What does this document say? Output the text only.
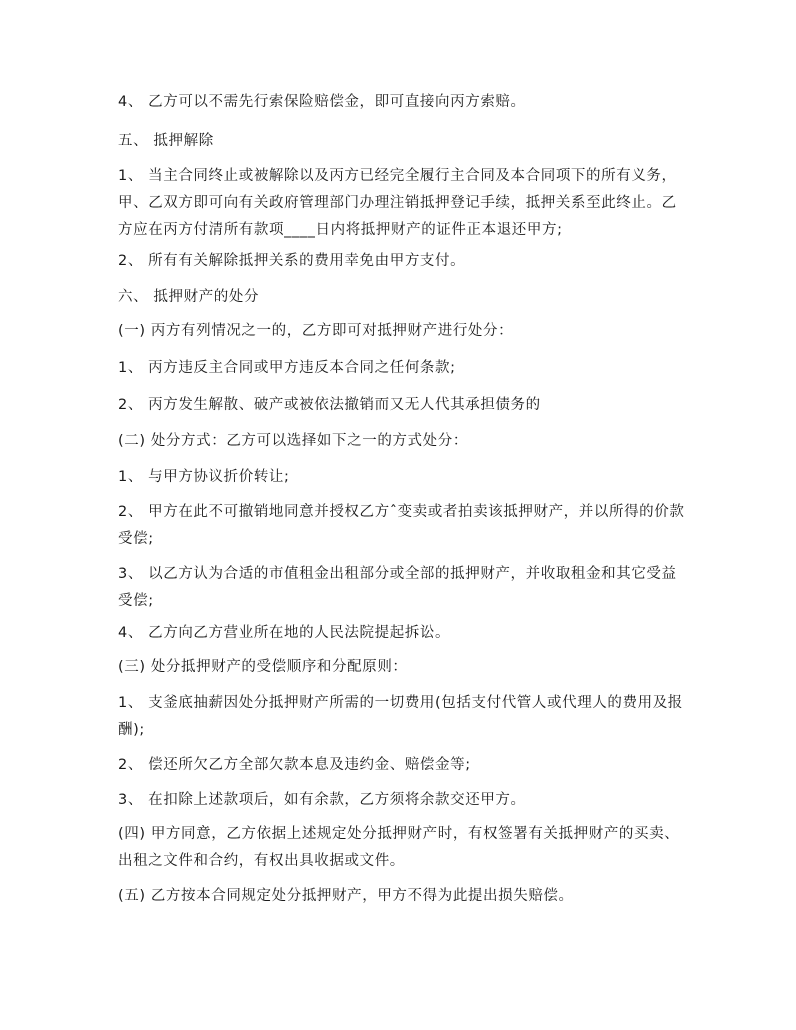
4、 乙方可以不需先行索保险赔偿金，即可直接向丙方索赔。

五、 抵押解除

1、 当主合同终止或被解除以及丙方已经完全履行主合同及本合同项下的所有义务，甲、乙双方即可向有关政府管理部门办理注销抵押登记手续，抵押关系至此终止。乙方应在丙方付清所有款项____日内将抵押财产的证件正本退还甲方;

2、 所有有关解除抵押关系的费用幸免由甲方支付。

六、 抵押财产的处分

(一) 丙方有列情况之一的，乙方即可对抵押财产进行处分：

1、 丙方违反主合同或甲方违反本合同之任何条款;

2、 丙方发生解散、破产或被依法撤销而又无人代其承担债务的

(二) 处分方式：乙方可以选择如下之一的方式处分：

1、 与甲方协议折价转让;

2、 甲方在此不可撤销地同意并授权乙方ˆ变卖或者拍卖该抵押财产，并以所得的价款受偿;

3、 以乙方认为合适的市值租金出租部分或全部的抵押财产，并收取租金和其它受益受偿;

4、 乙方向乙方营业所在地的人民法院提起拆讼。

(三) 处分抵押财产的受偿顺序和分配原则：

1、 支釜底抽薪因处分抵押财产所需的一切费用(包括支付代管人或代理人的费用及报酬);

2、 偿还所欠乙方全部欠款本息及违约金、赔偿金等;

3、 在扣除上述款项后，如有余款，乙方须将余款交还甲方。

(四) 甲方同意，乙方依据上述规定处分抵押财产时，有权签署有关抵押财产的买卖、出租之文件和合约，有权出具收据或文件。

(五) 乙方按本合同规定处分抵押财产，甲方不得为此提出损失赔偿。
